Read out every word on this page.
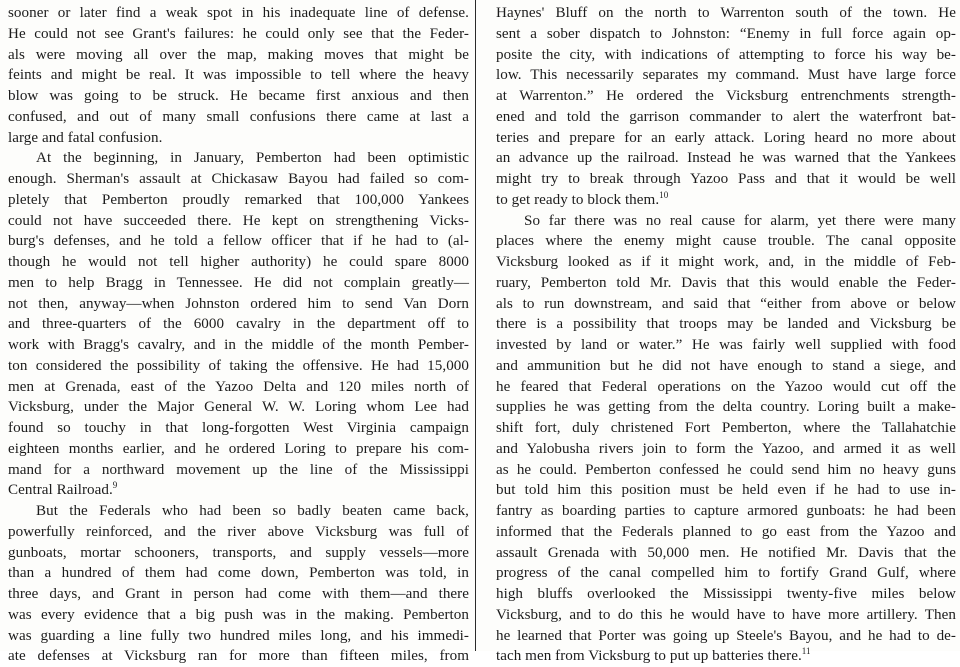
sooner or later find a weak spot in his inadequate line of defense.
He could not see Grant's failures: he could only see that the Feder-
als were moving all over the map, making moves that might be
feints and might be real. It was impossible to tell where the heavy
blow was going to be struck. He became first anxious and then
confused, and out of many small confusions there came at last a
large and fatal confusion.
At the beginning, in January, Pemberton had been optimistic
enough. Sherman's assault at Chickasaw Bayou had failed so com-
pletely that Pemberton proudly remarked that 100,000 Yankees
could not have succeeded there. He kept on strengthening Vicks-
burg's defenses, and he told a fellow officer that if he had to (al-
though he would not tell higher authority) he could spare 8000
men to help Bragg in Tennessee. He did not complain greatly—
not then, anyway—when Johnston ordered him to send Van Dorn
and three-quarters of the 6000 cavalry in the department off to
work with Bragg's cavalry, and in the middle of the month Pember-
ton considered the possibility of taking the offensive. He had 15,000
men at Grenada, east of the Yazoo Delta and 120 miles north of
Vicksburg, under the Major General W. W. Loring whom Lee had
found so touchy in that long-forgotten West Virginia campaign
eighteen months earlier, and he ordered Loring to prepare his com-
mand for a northward movement up the line of the Mississippi
Central Railroad.$^9$
But the Federals who had been so badly beaten came back,
powerfully reinforced, and the river above Vicksburg was full of
gunboats, mortar schooners, transports, and supply vessels—more
than a hundred of them had come down, Pemberton was told, in
three days, and Grant in person had come with them—and there
was every evidence that a big push was in the making. Pemberton
was guarding a line fully two hundred miles long, and his immedi-
ate defenses at Vicksburg ran for more than fifteen miles, from
Haynes' Bluff on the north to Warrenton south of the town. He
sent a sober dispatch to Johnston: “Enemy in full force again op-
posite the city, with indications of attempting to force his way be-
low. This necessarily separates my command. Must have large force
at Warrenton.” He ordered the Vicksburg entrenchments strength-
ened and told the garrison commander to alert the waterfront bat-
teries and prepare for an early attack. Loring heard no more about
an advance up the railroad. Instead he was warned that the Yankees
might try to break through Yazoo Pass and that it would be well
to get ready to block them.$^{10}$
So far there was no real cause for alarm, yet there were many
places where the enemy might cause trouble. The canal opposite
Vicksburg looked as if it might work, and, in the middle of Feb-
ruary, Pemberton told Mr. Davis that this would enable the Feder-
als to run downstream, and said that “either from above or below
there is a possibility that troops may be landed and Vicksburg be
invested by land or water.” He was fairly well supplied with food
and ammunition but he did not have enough to stand a siege, and
he feared that Federal operations on the Yazoo would cut off the
supplies he was getting from the delta country. Loring built a make-
shift fort, duly christened Fort Pemberton, where the Tallahatchie
and Yalobusha rivers join to form the Yazoo, and armed it as well
as he could. Pemberton confessed he could send him no heavy guns
but told him this position must be held even if he had to use in-
fantry as boarding parties to capture armored gunboats: he had been
informed that the Federals planned to go east from the Yazoo and
assault Grenada with 50,000 men. He notified Mr. Davis that the
progress of the canal compelled him to fortify Grand Gulf, where
high bluffs overlooked the Mississippi twenty-five miles below
Vicksburg, and to do this he would have to have more artillery. Then
he learned that Porter was going up Steele's Bayou, and he had to de-
tach men from Vicksburg to put up batteries there.$^{11}$
